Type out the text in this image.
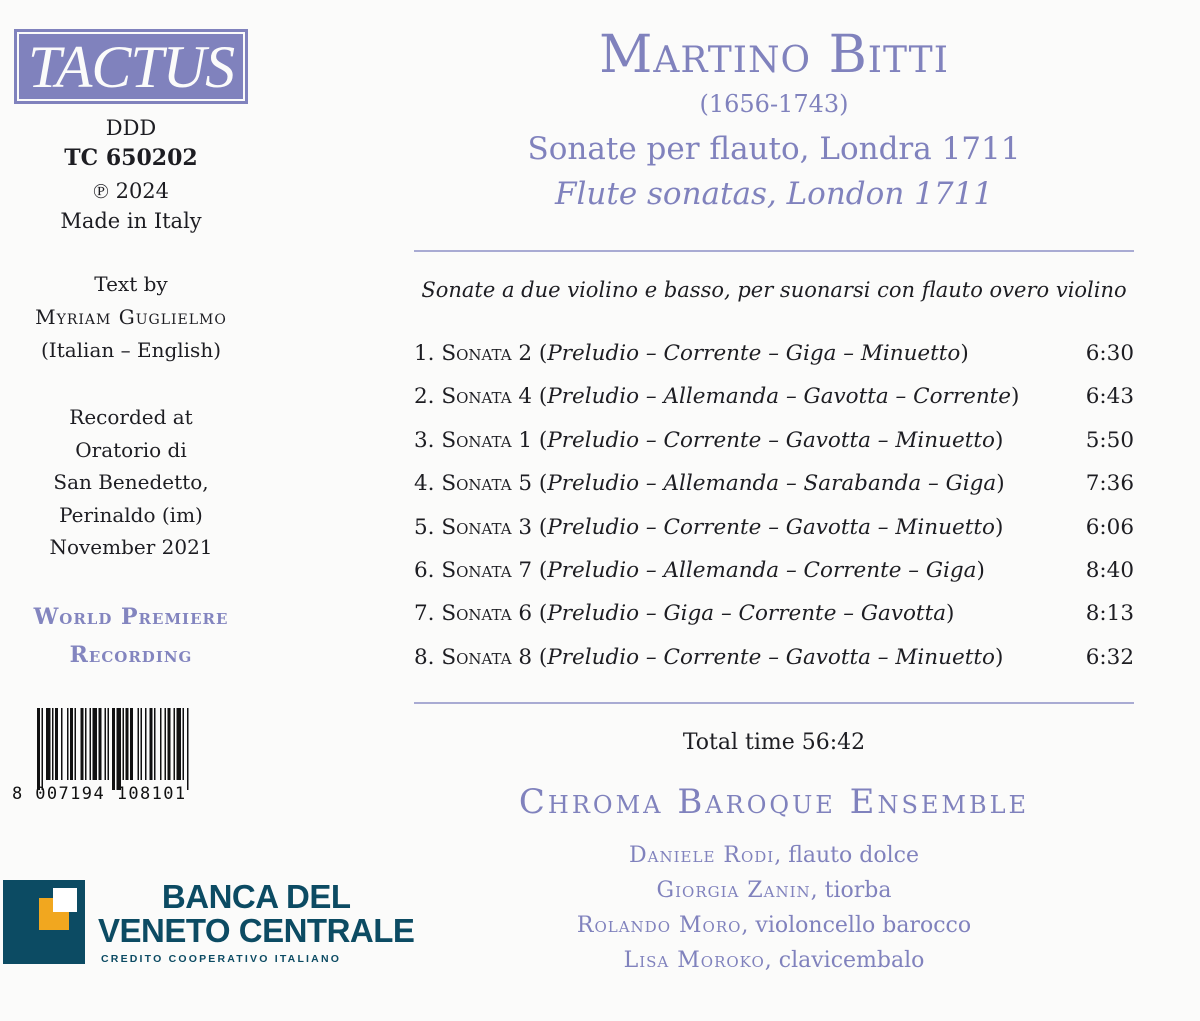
TACTUS
DDD
TC 650202
℗ 2024
Made in Italy
Text by
Myriam Guglielmo
(Italian – English)
Recorded at
Oratorio di
San Benedetto,
Perinaldo (im)
November 2021
World Premiere
Recording
8 007194 108101
BANCA DEL
VENETO CENTRALE
CREDITO COOPERATIVO ITALIANO
Martino Bitti
(1656-1743)
Sonate per flauto, Londra 1711
Flute sonatas, London 1711
Sonate a due violino e basso, per suonarsi con flauto overo violino
1. Sonata 2 (Preludio – Corrente – Giga – Minuetto)	6:30
2. Sonata 4 (Preludio – Allemanda – Gavotta – Corrente)	6:43
3. Sonata 1 (Preludio – Corrente – Gavotta – Minuetto)	5:50
4. Sonata 5 (Preludio – Allemanda – Sarabanda – Giga)	7:36
5. Sonata 3 (Preludio – Corrente – Gavotta – Minuetto)	6:06
6. Sonata 7 (Preludio – Allemanda – Corrente – Giga)	8:40
7. Sonata 6 (Preludio – Giga – Corrente – Gavotta)	8:13
8. Sonata 8 (Preludio – Corrente – Gavotta – Minuetto)	6:32
Total time 56:42
Chroma Baroque Ensemble
Daniele Rodi, flauto dolce
Giorgia Zanin, tiorba
Rolando Moro, violoncello barocco
Lisa Moroko, clavicembalo
